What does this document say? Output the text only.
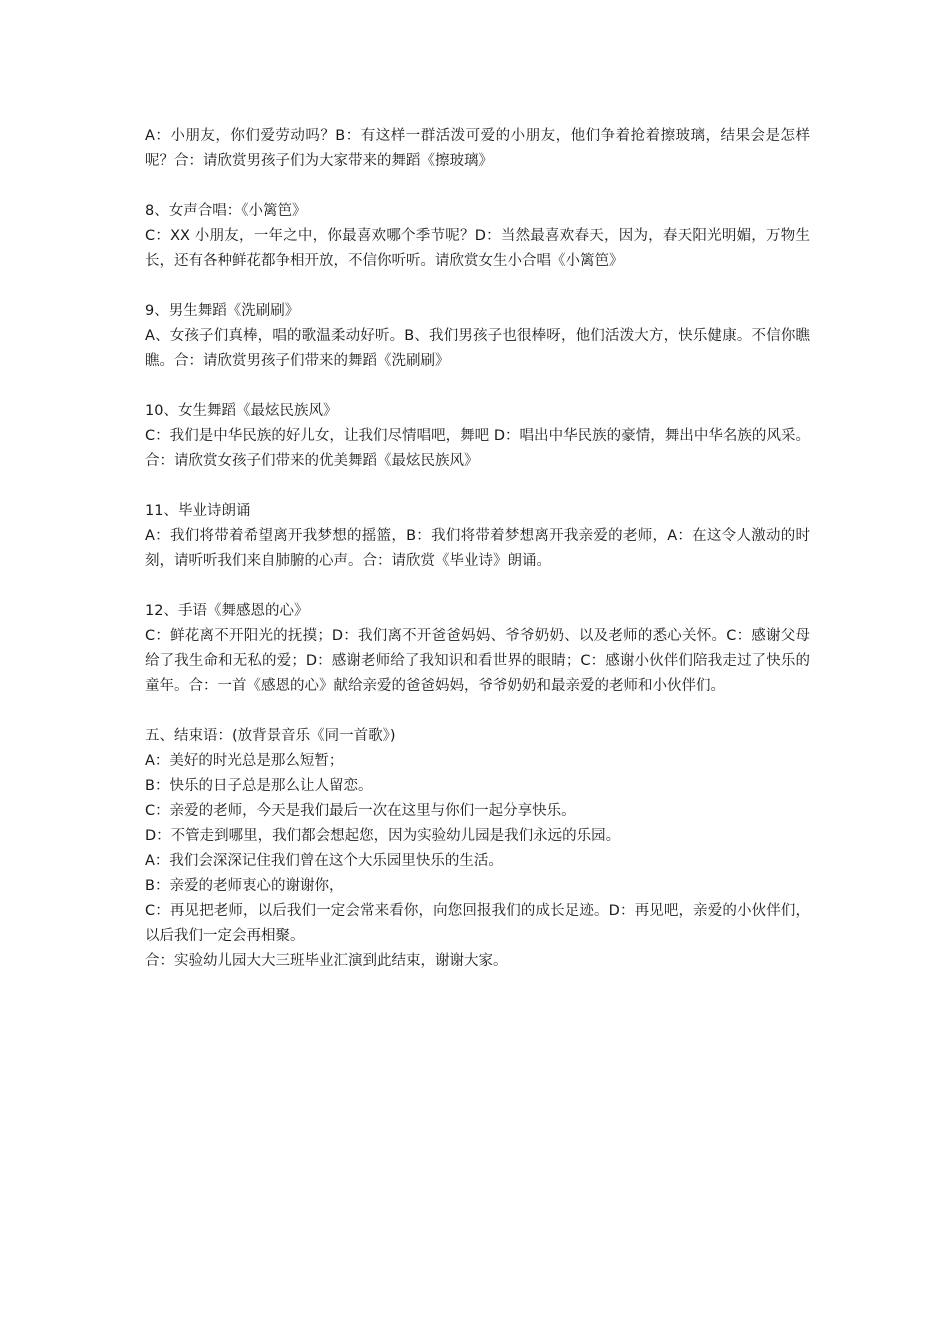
A：小朋友，你们爱劳动吗？B：有这样一群活泼可爱的小朋友，他们争着抢着擦玻璃，结果会是怎样呢？合：请欣赏男孩子们为大家带来的舞蹈《擦玻璃》
8、女声合唱：《小篱笆》
C：XX 小朋友，一年之中，你最喜欢哪个季节呢？D：当然最喜欢春天，因为，春天阳光明媚，万物生长，还有各种鲜花都争相开放，不信你听听。请欣赏女生小合唱《小篱笆》
9、男生舞蹈《洗刷刷》
A、女孩子们真棒，唱的歌温柔动好听。B、我们男孩子也很棒呀，他们活泼大方，快乐健康。不信你瞧瞧。合：请欣赏男孩子们带来的舞蹈《洗刷刷》
10、女生舞蹈《最炫民族风》
C：我们是中华民族的好儿女，让我们尽情唱吧，舞吧 D：唱出中华民族的豪情，舞出中华名族的风采。合：请欣赏女孩子们带来的优美舞蹈《最炫民族风》
11、毕业诗朗诵
A：我们将带着希望离开我梦想的摇篮，B：我们将带着梦想离开我亲爱的老师，A：在这令人激动的时刻，请听听我们来自肺腑的心声。合：请欣赏《毕业诗》朗诵。
12、手语《舞感恩的心》
C：鲜花离不开阳光的抚摸；D：我们离不开爸爸妈妈、爷爷奶奶、以及老师的悉心关怀。C：感谢父母给了我生命和无私的爱；D：感谢老师给了我知识和看世界的眼睛；C：感谢小伙伴们陪我走过了快乐的童年。合：一首《感恩的心》献给亲爱的爸爸妈妈，爷爷奶奶和最亲爱的老师和小伙伴们。
五、结束语：(放背景音乐《同一首歌》)
A：美好的时光总是那么短暂；
B：快乐的日子总是那么让人留恋。
C：亲爱的老师，今天是我们最后一次在这里与你们一起分享快乐。
D：不管走到哪里，我们都会想起您，因为实验幼儿园是我们永远的乐园。
A：我们会深深记住我们曾在这个大乐园里快乐的生活。
B：亲爱的老师衷心的谢谢你，
C：再见把老师，以后我们一定会常来看你，向您回报我们的成长足迹。D：再见吧，亲爱的小伙伴们，以后我们一定会再相聚。
合：实验幼儿园大大三班毕业汇演到此结束，谢谢大家。
